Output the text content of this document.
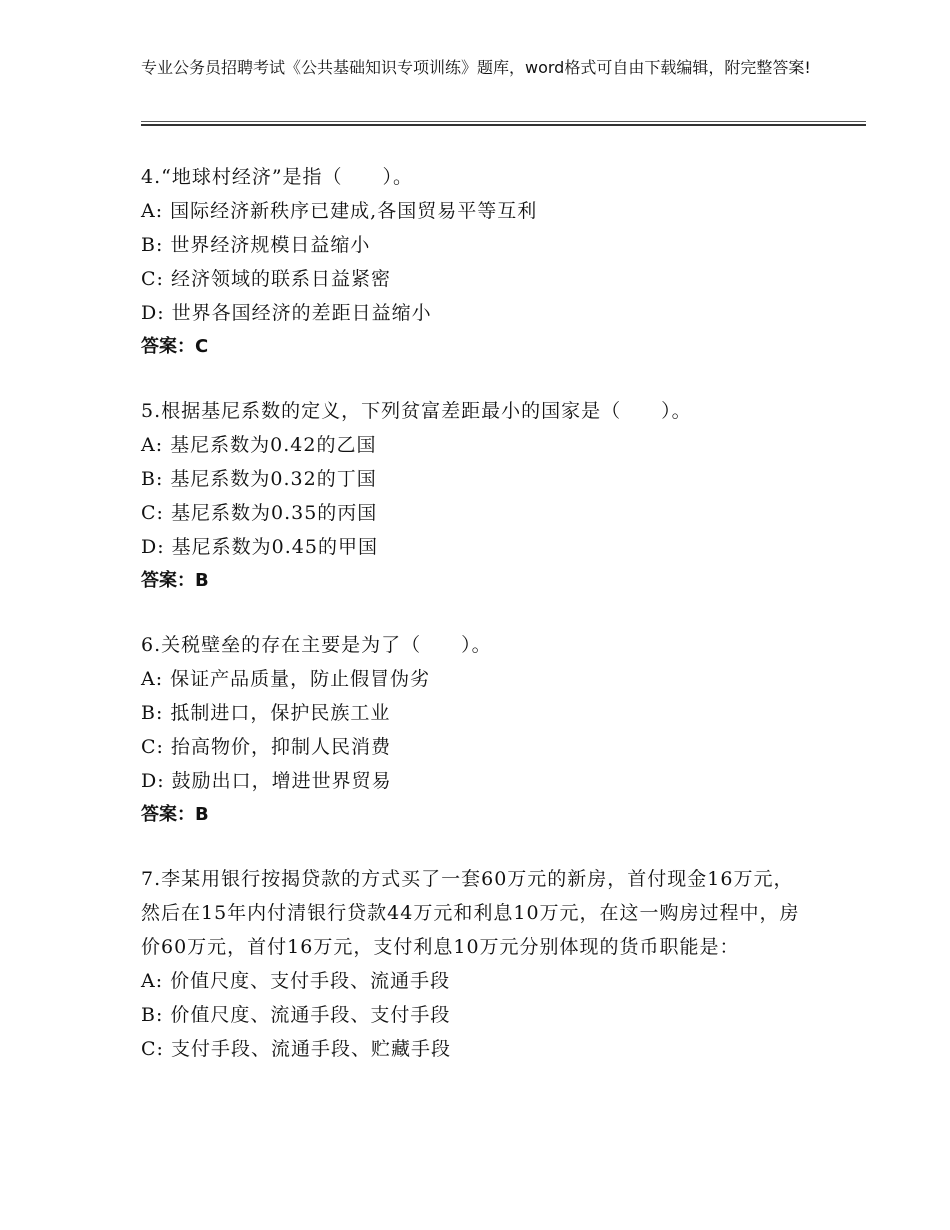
专业公务员招聘考试《公共基础知识专项训练》题库，word格式可自由下载编辑，附完整答案!
4.“地球村经济”是指（　　）。
A: 国际经济新秩序已建成,各国贸易平等互利
B: 世界经济规模日益缩小
C: 经济领域的联系日益紧密
D: 世界各国经济的差距日益缩小
答案：C
5.根据基尼系数的定义，下列贫富差距最小的国家是（　　）。
A: 基尼系数为0.42的乙国
B: 基尼系数为0.32的丁国
C: 基尼系数为0.35的丙国
D: 基尼系数为0.45的甲国
答案：B
6.关税壁垒的存在主要是为了（　　）。
A: 保证产品质量，防止假冒伪劣
B: 抵制进口，保护民族工业
C: 抬高物价，抑制人民消费
D: 鼓励出口，增进世界贸易
答案：B
7.李某用银行按揭贷款的方式买了一套60万元的新房，首付现金16万元，然后在15年内付清银行贷款44万元和利息10万元，在这一购房过程中，房价60万元，首付16万元，支付利息10万元分别体现的货币职能是：
A: 价值尺度、支付手段、流通手段
B: 价值尺度、流通手段、支付手段
C: 支付手段、流通手段、贮藏手段
